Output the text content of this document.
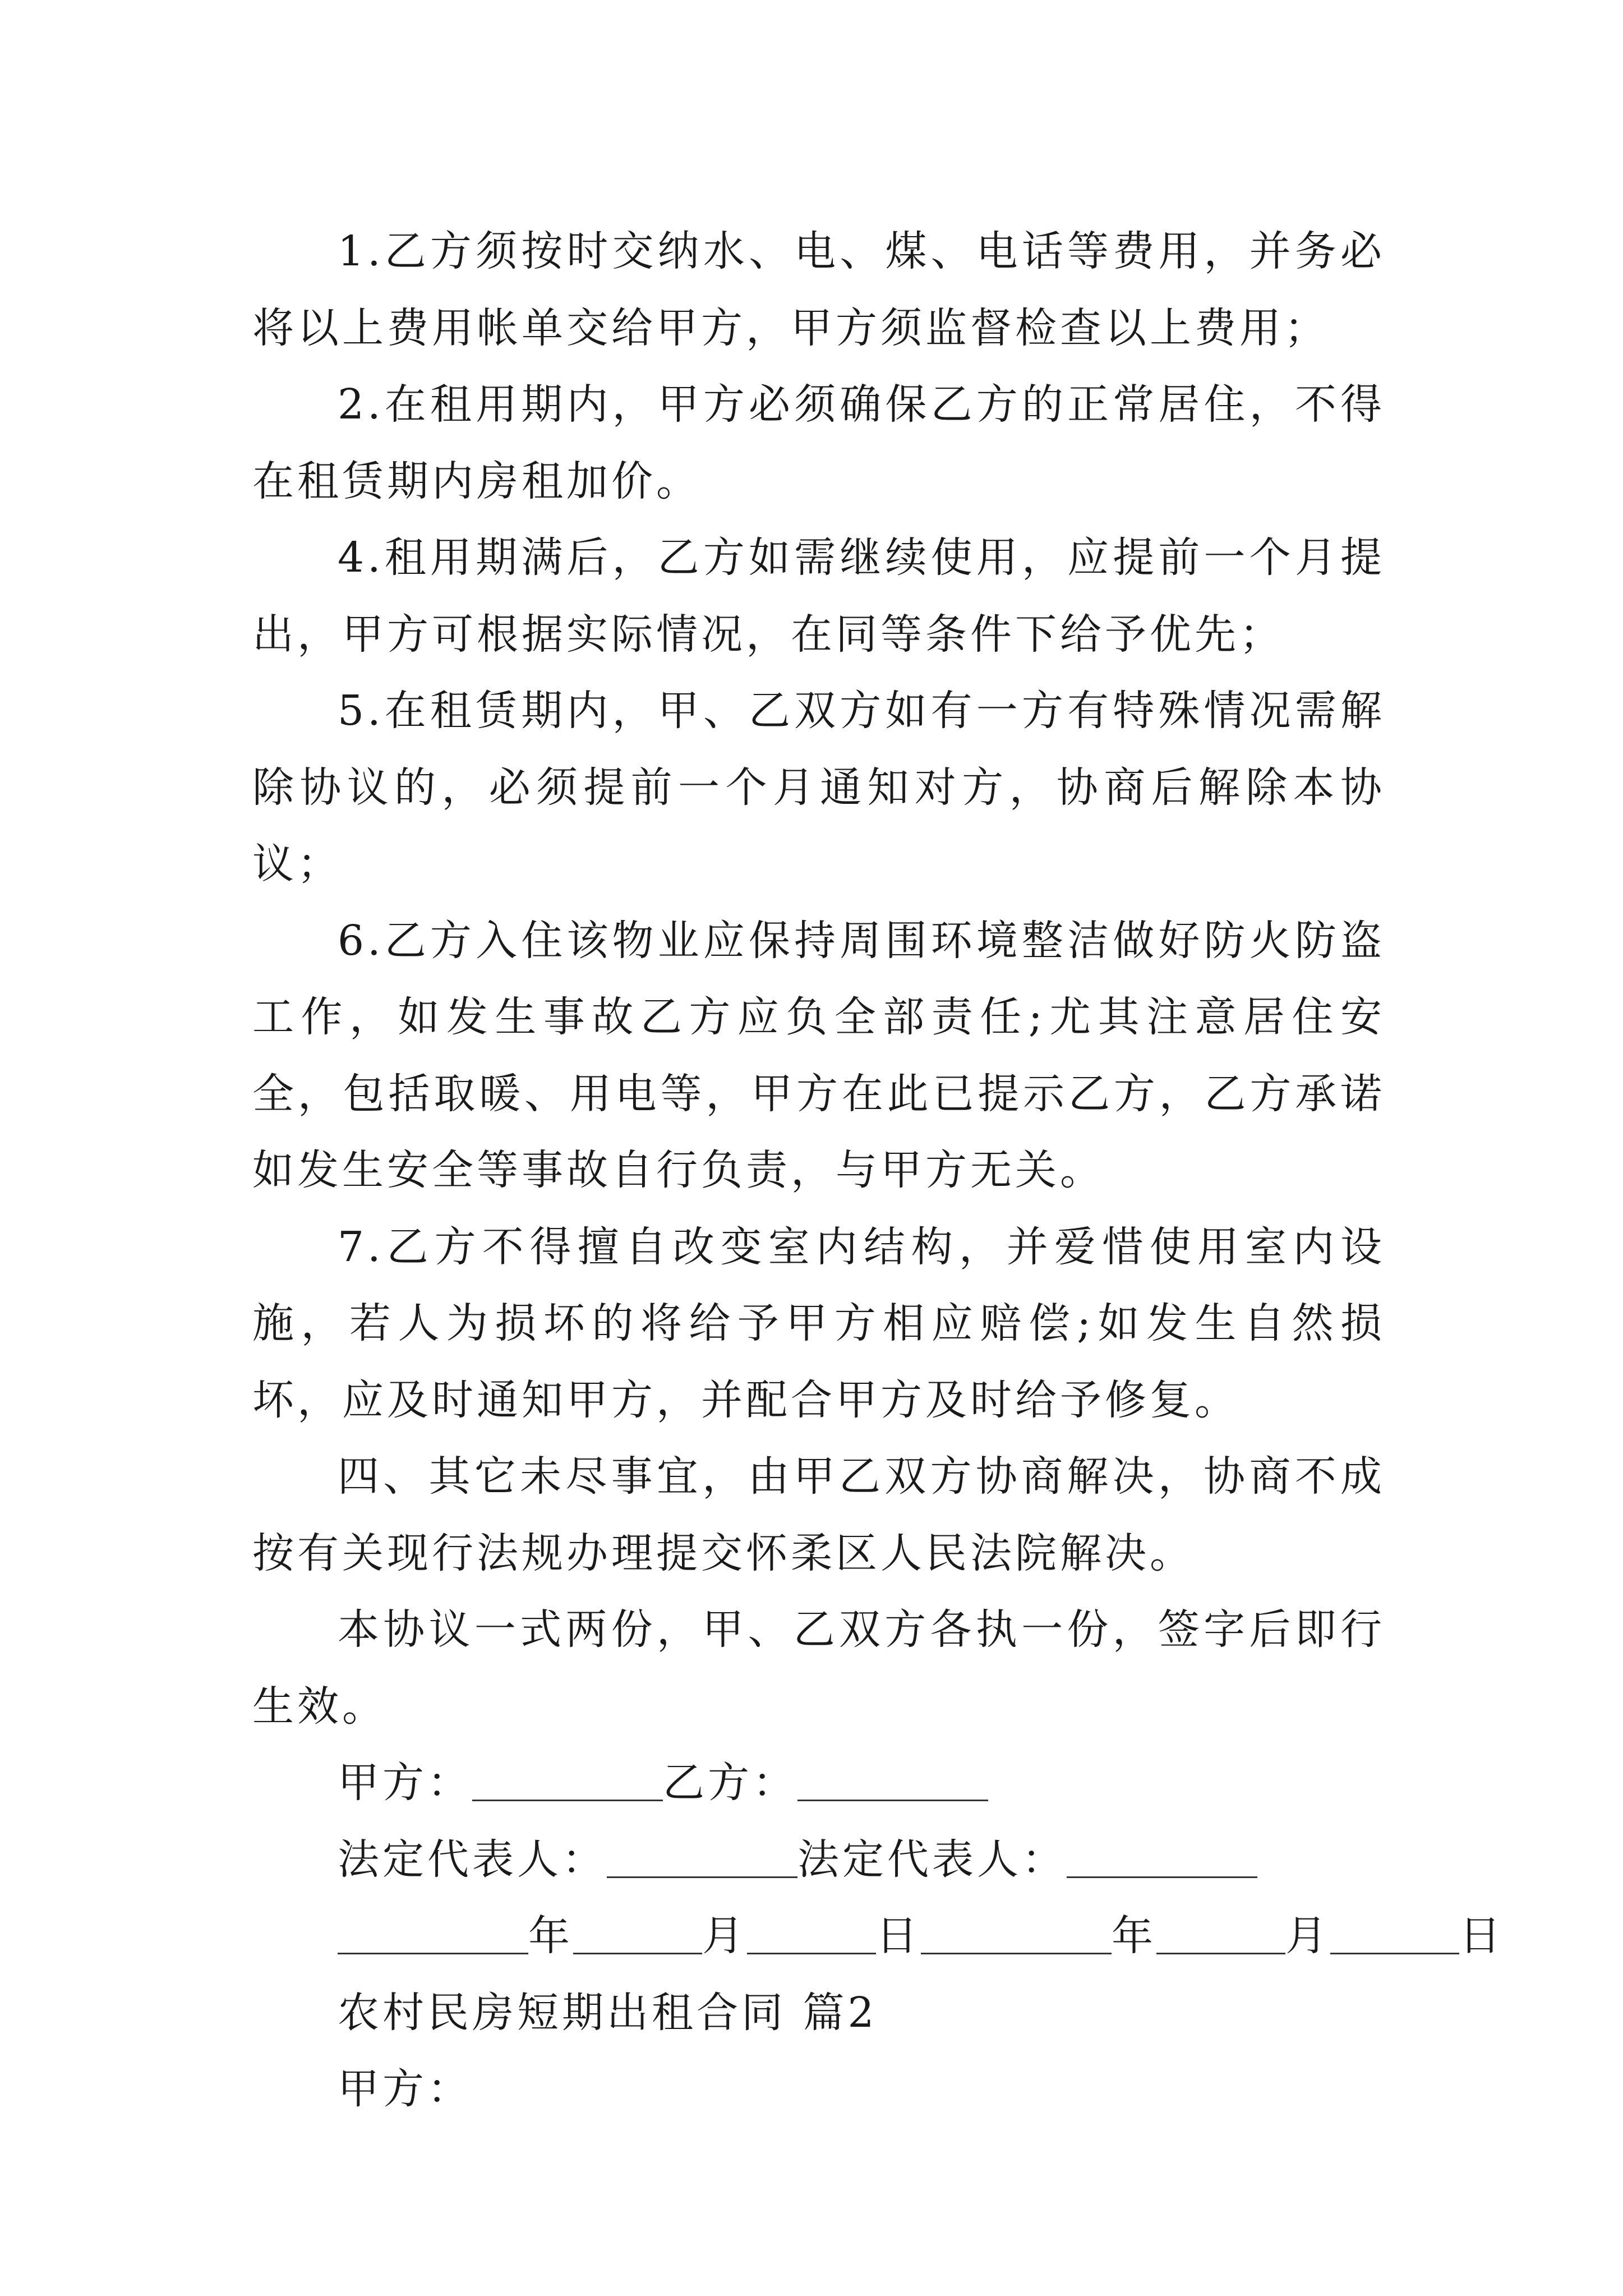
1.乙方须按时交纳水、电、煤、电话等费用，并务必将以上费用帐单交给甲方，甲方须监督检查以上费用；

2.在租用期内，甲方必须确保乙方的正常居住，不得在租赁期内房租加价。

4.租用期满后，乙方如需继续使用，应提前一个月提出，甲方可根据实际情况，在同等条件下给予优先；

5.在租赁期内，甲、乙双方如有一方有特殊情况需解除协议的，必须提前一个月通知对方，协商后解除本协议；

6.乙方入住该物业应保持周围环境整洁做好防火防盗工作，如发生事故乙方应负全部责任;尤其注意居住安全，包括取暖、用电等，甲方在此已提示乙方，乙方承诺如发生安全等事故自行负责，与甲方无关。

7.乙方不得擅自改变室内结构，并爱惜使用室内设施，若人为损坏的将给予甲方相应赔偿;如发生自然损坏，应及时通知甲方，并配合甲方及时给予修复。

四、其它未尽事宜，由甲乙双方协商解决，协商不成按有关现行法规办理提交怀柔区人民法院解决。

本协议一式两份，甲、乙双方各执一份，签字后即行生效。

甲方：	乙方：

法定代表人：	法定代表人：

年	月	日	年	月	日

农村民房短期出租合同 篇2

甲方：
